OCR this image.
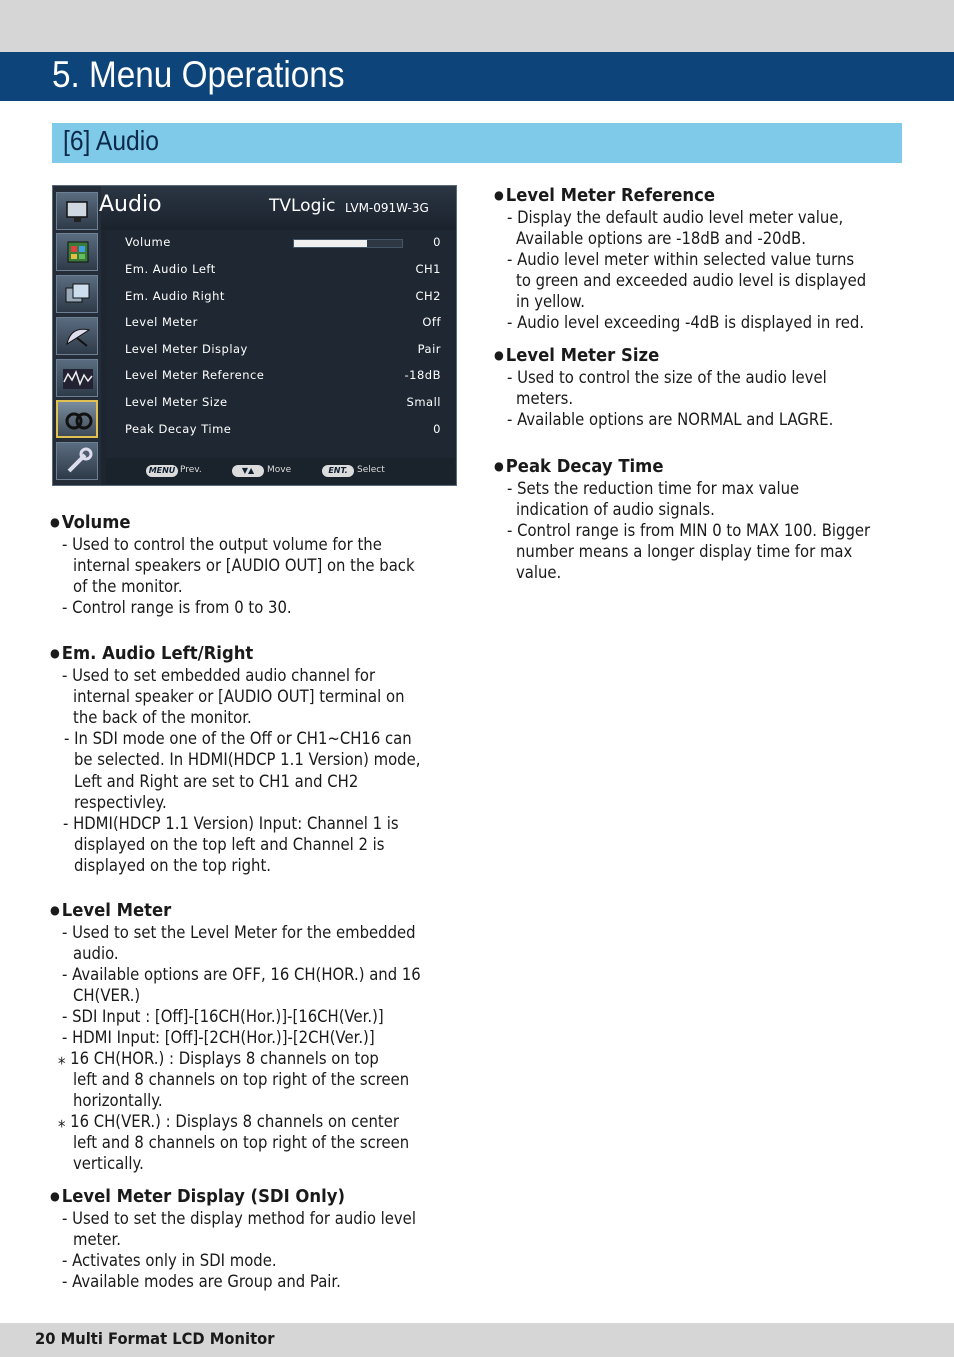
5. Menu Operations
[6] Audio
Audio	TVLogic LVM-091W-3G
Volume	0
Em. Audio Left	CH1
Em. Audio Right	CH2
Level Meter	Off
Level Meter Display	Pair
Level Meter Reference	-18dB
Level Meter Size	Small
Peak Decay Time	0
MENU Prev.	▼▲	Move	ENT.	Select
● Volume
- Used to control the output volume for the
internal speakers or [AUDIO OUT] on the back
of the monitor.
- Control range is from 0 to 30.
● Em. Audio Left/Right
- Used to set embedded audio channel for
internal speaker or [AUDIO OUT] terminal on
the back of the monitor.
- In SDI mode one of the Off or CH1~CH16 can
be selected. In HDMI(HDCP 1.1 Version) mode,
Left and Right are set to CH1 and CH2
respectivley.
- HDMI(HDCP 1.1 Version) Input: Channel 1 is
displayed on the top left and Channel 2 is
displayed on the top right.
● Level Meter
- Used to set the Level Meter for the embedded
audio.
- Available options are OFF, 16 CH(HOR.) and 16
CH(VER.)
- SDI Input : [Off]-[16CH(Hor.)]-[16CH(Ver.)]
- HDMI Input: [Off]-[2CH(Hor.)]-[2CH(Ver.)]
⁎ 16 CH(HOR.) : Displays 8 channels on top
left and 8 channels on top right of the screen
horizontally.
⁎ 16 CH(VER.) : Displays 8 channels on center
left and 8 channels on top right of the screen
vertically.
● Level Meter Display (SDI Only)
- Used to set the display method for audio level
meter.
- Activates only in SDI mode.
- Available modes are Group and Pair.
● Level Meter Reference
- Display the default audio level meter value,
Available options are -18dB and -20dB.
- Audio level meter within selected value turns
to green and exceeded audio level is displayed
in yellow.
- Audio level exceeding -4dB is displayed in red.
● Level Meter Size
- Used to control the size of the audio level
meters.
- Available options are NORMAL and LAGRE.
● Peak Decay Time
- Sets the reduction time for max value
indication of audio signals.
- Control range is from MIN 0 to MAX 100. Bigger
number means a longer display time for max
value.
20 Multi Format LCD Monitor
